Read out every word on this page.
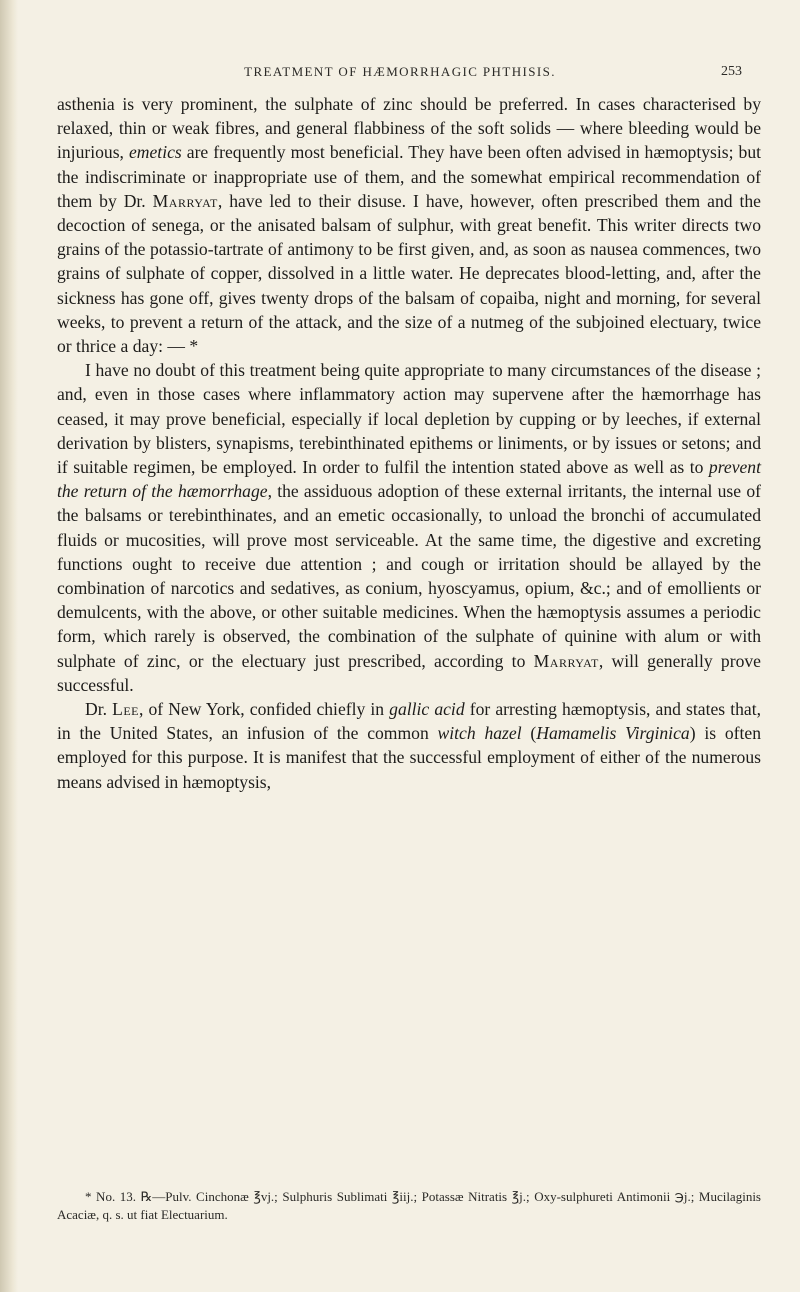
TREATMENT OF HÆMORRHAGIC PHTHISIS.	253

asthenia is very prominent, the sulphate of zinc should be preferred. In cases characterised by relaxed, thin or weak fibres, and general flabbiness of the soft solids — where bleeding would be injurious, emetics are frequently most beneficial. They have been often advised in hæmoptysis; but the indiscriminate or inappropriate use of them, and the somewhat empirical recommendation of them by Dr. Marryat, have led to their disuse. I have, however, often prescribed them and the decoction of senega, or the anisated balsam of sulphur, with great benefit. This writer directs two grains of the potassio-tartrate of antimony to be first given, and, as soon as nausea commences, two grains of sulphate of copper, dissolved in a little water. He deprecates blood-letting, and, after the sickness has gone off, gives twenty drops of the balsam of copaiba, night and morning, for several weeks, to prevent a return of the attack, and the size of a nutmeg of the subjoined electuary, twice or thrice a day: — *

I have no doubt of this treatment being quite appropriate to many circumstances of the disease ; and, even in those cases where inflammatory action may supervene after the hæmorrhage has ceased, it may prove beneficial, especially if local depletion by cupping or by leeches, if external derivation by blisters, synapisms, terebinthinated epithems or liniments, or by issues or setons; and if suitable regimen, be employed. In order to fulfil the intention stated above as well as to prevent the return of the hæmorrhage, the assiduous adoption of these external irritants, the internal use of the balsams or terebinthinates, and an emetic occasionally, to unload the bronchi of accumulated fluids or mucosities, will prove most serviceable. At the same time, the digestive and excreting functions ought to receive due attention ; and cough or irritation should be allayed by the combination of narcotics and sedatives, as conium, hyoscyamus, opium, &c.; and of emollients or demulcents, with the above, or other suitable medicines. When the hæmoptysis assumes a periodic form, which rarely is observed, the combination of the sulphate of quinine with alum or with sulphate of zinc, or the electuary just prescribed, according to Marryat, will generally prove successful.

Dr. Lee, of New York, confided chiefly in gallic acid for arresting hæmoptysis, and states that, in the United States, an infusion of the common witch hazel (Hamamelis Virginica) is often employed for this purpose. It is manifest that the successful employment of either of the numerous means advised in hæmoptysis,

* No. 13. ℞—Pulv. Cinchonæ ℥vj.; Sulphuris Sublimati ℥iij.; Potassæ Nitratis ℥j.; Oxy-sulphureti Antimonii ℈j.; Mucilaginis Acaciæ, q. s. ut fiat Electuarium.
